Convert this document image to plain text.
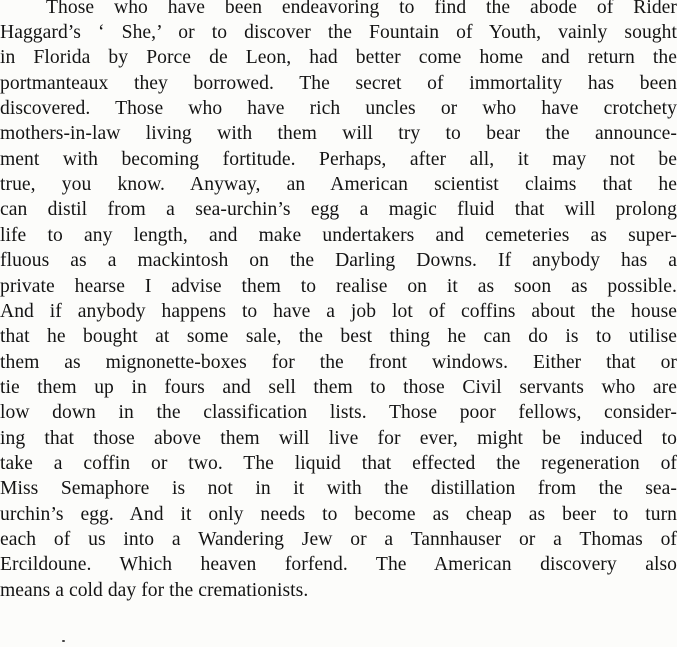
Those who have been endeavoring to find the abode of Rider
Haggard’s ‘ She,’ or to discover the Fountain of Youth, vainly sought
in Florida by Porce de Leon, had better come home and return the
portmanteaux they borrowed. The secret of immortality has been
discovered. Those who have rich uncles or who have crotchety
mothers-in-law living with them will try to bear the announce-
ment with becoming fortitude. Perhaps, after all, it may not be
true, you know. Anyway, an American scientist claims that he
can distil from a sea-urchin’s egg a magic fluid that will prolong
life to any length, and make undertakers and cemeteries as super-
fluous as a mackintosh on the Darling Downs. If anybody has a
private hearse I advise them to realise on it as soon as possible.
And if anybody happens to have a job lot of coffins about the house
that he bought at some sale, the best thing he can do is to utilise
them as mignonette-boxes for the front windows. Either that or
tie them up in fours and sell them to those Civil servants who are
low down in the classification lists. Those poor fellows, consider-
ing that those above them will live for ever, might be induced to
take a coffin or two. The liquid that effected the regeneration of
Miss Semaphore is not in it with the distillation from the sea-
urchin’s egg. And it only needs to become as cheap as beer to turn
each of us into a Wandering Jew or a Tannhauser or a Thomas of
Ercildoune. Which heaven forfend. The American discovery also
means a cold day for the cremationists.
